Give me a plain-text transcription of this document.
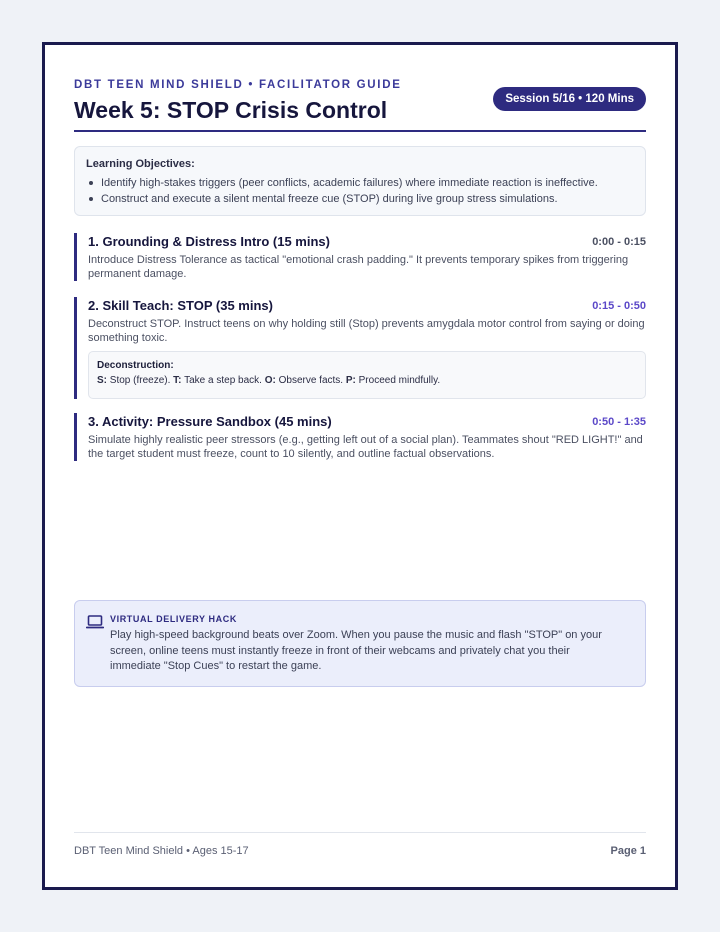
DBT TEEN MIND SHIELD • FACILITATOR GUIDE
Week 5: STOP Crisis Control	Session 5/16 • 120 Mins
Learning Objectives:
Identify high-stakes triggers (peer conflicts, academic failures) where immediate reaction is ineffective.
Construct and execute a silent mental freeze cue (STOP) during live group stress simulations.
1. Grounding & Distress Intro (15 mins)	0:00 - 0:15
Introduce Distress Tolerance as tactical "emotional crash padding." It prevents temporary spikes from triggering permanent damage.
2. Skill Teach: STOP (35 mins)	0:15 - 0:50
Deconstruct STOP. Instruct teens on why holding still (Stop) prevents amygdala motor control from saying or doing something toxic.
Deconstruction:
S: Stop (freeze). T: Take a step back. O: Observe facts. P: Proceed mindfully.
3. Activity: Pressure Sandbox (45 mins)	0:50 - 1:35
Simulate highly realistic peer stressors (e.g., getting left out of a social plan). Teammates shout "RED LIGHT!" and the target student must freeze, count to 10 silently, and outline factual observations.
VIRTUAL DELIVERY HACK
Play high-speed background beats over Zoom. When you pause the music and flash "STOP" on your screen, online teens must instantly freeze in front of their webcams and privately chat you their immediate "Stop Cues" to restart the game.
DBT Teen Mind Shield • Ages 15-17	Page 1
